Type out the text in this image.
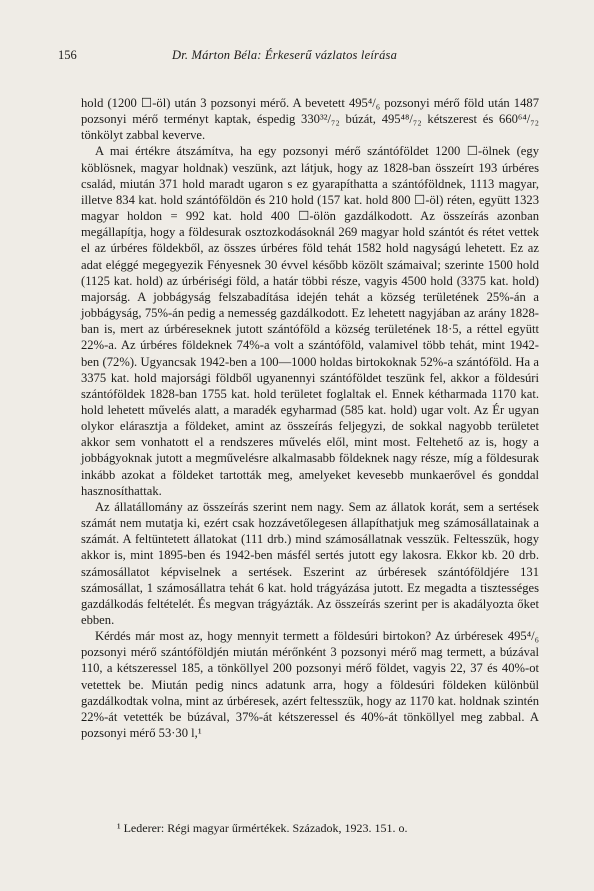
156	Dr. Márton Béla: Érkeserű vázlatos leírása

hold (1200 ☐-öl) után 3 pozsonyi mérő. A bevetett 495⁴/₆ pozsonyi mérő föld után 1487 pozsonyi mérő terményt kaptak, éspedig 330³²/₇₂ búzát, 495⁴⁸/₇₂ kétszerest és 660⁶⁴/₇₂ tönkölyt zabbal keverve.

A mai értékre átszámítva, ha egy pozsonyi mérő szántóföldet 1200 ☐-ölnek (egy köblösnek, magyar holdnak) veszünk, azt látjuk, hogy az 1828-ban összeírt 193 úrbéres család, miután 371 hold maradt ugaron s ez gyarapíthatta a szántóföldnek, 1113 magyar, illetve 834 kat. hold szántóföldön és 210 hold (157 kat. hold 800 ☐-öl) réten, együtt 1323 magyar holdon = 992 kat. hold 400 ☐-ölön gazdálkodott. Az összeírás azonban megállapítja, hogy a földesurak osztozkodásoknál 269 magyar hold szántót és rétet vettek el az úrbéres földekből, az összes úrbéres föld tehát 1582 hold nagyságú lehetett. Ez az adat eléggé megegyezik Fényesnek 30 évvel később közölt számaival; szerinte 1500 hold (1125 kat. hold) az úrbériségi föld, a határ többi része, vagyis 4500 hold (3375 kat. hold) majorság. A jobbágyság felszabadítása idején tehát a község területének 25%-án a jobbágyság, 75%-án pedig a nemesség gazdálkodott. Ez lehetett nagyjában az arány 1828-ban is, mert az úrbéreseknek jutott szántóföld a község területének 18·5, a réttel együtt 22%-a. Az úrbéres földeknek 74%-a volt a szántóföld, valamivel több tehát, mint 1942-ben (72%). Ugyancsak 1942-ben a 100—1000 holdas birtokoknak 52%-a szántóföld. Ha a 3375 kat. hold majorsági földből ugyanennyi szántóföldet teszünk fel, akkor a földesúri szántóföldek 1828-ban 1755 kat. hold területet foglaltak el. Ennek kétharmada 1170 kat. hold lehetett művelés alatt, a maradék egyharmad (585 kat. hold) ugar volt. Az Ér ugyan olykor elárasztja a földeket, amint az összeírás feljegyzi, de sokkal nagyobb területet akkor sem vonhatott el a rendszeres művelés elől, mint most. Feltehető az is, hogy a jobbágyoknak jutott a megművelésre alkalmasabb földeknek nagy része, míg a földesurak inkább azokat a földeket tartották meg, amelyeket kevesebb munkaerővel és gonddal hasznosíthattak.

Az állatállomány az összeírás szerint nem nagy. Sem az állatok korát, sem a sertések számát nem mutatja ki, ezért csak hozzávetőlegesen állapíthatjuk meg számosállatainak a számát. A feltüntetett állatokat (111 drb.) mind számosállatnak vesszük. Feltesszük, hogy akkor is, mint 1895-ben és 1942-ben másfél sertés jutott egy lakosra. Ekkor kb. 20 drb. számosállatot képviselnek a sertések. Eszerint az úrbéresek szántóföldjére 131 számosállat, 1 számosállatra tehát 6 kat. hold trágyázása jutott. Ez megadta a tisztességes gazdálkodás feltételét. És megvan trágyázták. Az összeírás szerint per is akadályozta őket ebben.

Kérdés már most az, hogy mennyit termett a földesúri birtokon? Az úrbéresek 495⁴/₆ pozsonyi mérő szántóföldjén miután mérőnként 3 pozsonyi mérő mag termett, a búzával 110, a kétszeressel 185, a tönköllyel 200 pozsonyi mérő földet, vagyis 22, 37 és 40%-ot vetettek be. Miután pedig nincs adatunk arra, hogy a földesúri földeken különbül gazdálkodtak volna, mint az úrbéresek, azért feltesszük, hogy az 1170 kat. holdnak szintén 22%-át vetették be búzával, 37%-át kétszeressel és 40%-át tönköllyel meg zabbal. A pozsonyi mérő 53·30 l,¹

¹ Lederer: Régi magyar űrmértékek. Századok, 1923. 151. o.
